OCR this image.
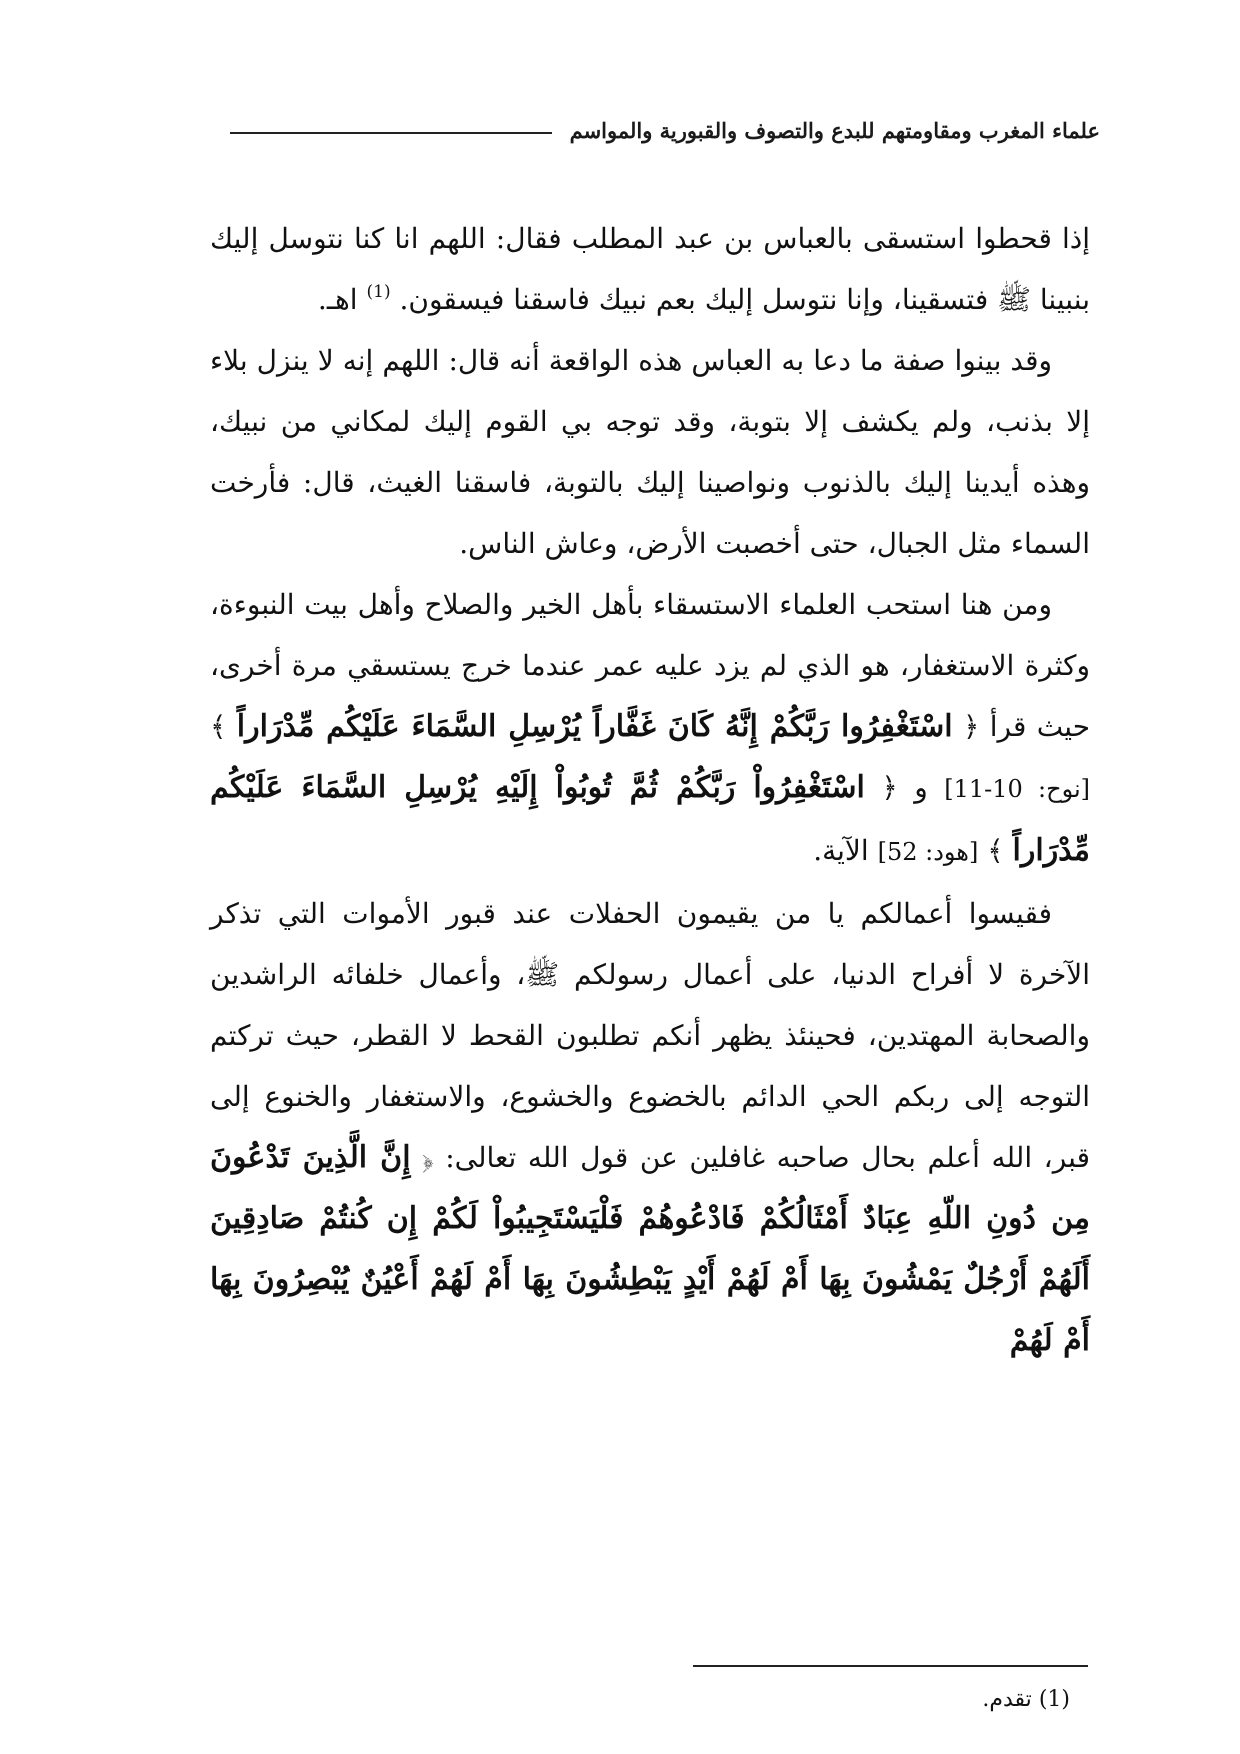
علماء المغرب ومقاومتهم للبدع والتصوف والقبورية والمواسم

إذا قحطوا استسقى بالعباس بن عبد المطلب فقال: اللهم انا كنا نتوسل إليك بنبينا ﷺ فتسقينا، وإنا نتوسل إليك بعم نبيك فاسقنا فيسقون. $^{(1)}$ اهـ.

وقد بينوا صفة ما دعا به العباس هذه الواقعة أنه قال: اللهم إنه لا ينزل بلاء إلا بذنب، ولم يكشف إلا بتوبة، وقد توجه بي القوم إليك لمكاني من نبيك، وهذه أيدينا إليك بالذنوب ونواصينا إليك بالتوبة، فاسقنا الغيث، قال: فأرخت السماء مثل الجبال، حتى أخصبت الأرض، وعاش الناس.

ومن هنا استحب العلماء الاستسقاء بأهل الخير والصلاح وأهل بيت النبوءة، وكثرة الاستغفار، هو الذي لم يزد عليه عمر عندما خرج يستسقي مرة أخرى، حيث قرأ ﴿ اسْتَغْفِرُوا رَبَّكُمْ إِنَّهُ كَانَ غَفَّاراً يُرْسِلِ السَّمَاءَ عَلَيْكُم مِّدْرَاراً ﴾ [نوح: 10-11] و ﴿ اسْتَغْفِرُواْ رَبَّكُمْ ثُمَّ تُوبُواْ إِلَيْهِ يُرْسِلِ السَّمَاءَ عَلَيْكُم مِّدْرَاراً ﴾ [هود: 52] الآية.

فقيسوا أعمالكم يا من يقيمون الحفلات عند قبور الأموات التي تذكر الآخرة لا أفراح الدنيا، على أعمال رسولكم ﷺ، وأعمال خلفائه الراشدين والصحابة المهتدين، فحينئذ يظهر أنكم تطلبون القحط لا القطر، حيث تركتم التوجه إلى ربكم الحي الدائم بالخضوع والخشوع، والاستغفار والخنوع إلى قبر، الله أعلم بحال صاحبه غافلين عن قول الله تعالى: ﴿ إِنَّ الَّذِينَ تَدْعُونَ مِن دُونِ اللّهِ عِبَادٌ أَمْثَالُكُمْ فَادْعُوهُمْ فَلْيَسْتَجِيبُواْ لَكُمْ إِن كُنتُمْ صَادِقِينَ أَلَهُمْ أَرْجُلٌ يَمْشُونَ بِهَا أَمْ لَهُمْ أَيْدٍ يَبْطِشُونَ بِهَا أَمْ لَهُمْ أَعْيُنٌ يُبْصِرُونَ بِهَا أَمْ لَهُمْ

(1) تقدم.
